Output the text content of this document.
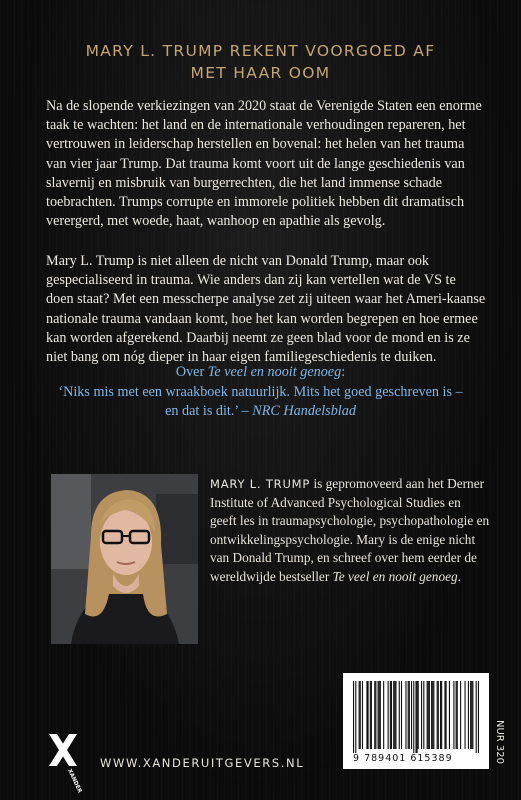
MARY L. TRUMP REKENT VOORGOED AF
MET HAAR OOM

Na de slopende verkiezingen van 2020 staat de Verenigde Staten een enorme taak te wachten: het land en de internationale verhoudingen repareren, het vertrouwen in leiderschap herstellen en bovenal: het helen van het trauma van vier jaar Trump. Dat trauma komt voort uit de lange geschiedenis van slavernij en misbruik van burgerrechten, die het land immense schade toebrachten. Trumps corrupte en immorele politiek hebben dit dramatisch verergerd, met woede, haat, wanhoop en apathie als gevolg.

Mary L. Trump is niet alleen de nicht van Donald Trump, maar ook gespecialiseerd in trauma. Wie anders dan zij kan vertellen wat de VS te doen staat? Met een messcherpe analyse zet zij uiteen waar het Ameri-kaanse nationale trauma vandaan komt, hoe het kan worden begrepen en hoe ermee kan worden afgerekend. Daarbij neemt ze geen blad voor de mond en is ze niet bang om nóg dieper in haar eigen familiegeschiedenis te duiken.

Over Te veel en nooit genoeg:
‘Niks mis met een wraakboek natuurlijk. Mits het goed geschreven is –
en dat is dit.’ – NRC Handelsblad
MARY L. TRUMP is gepromoveerd aan het Derner Institute of Advanced Psychological Studies en geeft les in traumapsychologie, psychopathologie en ontwikkelingspsychologie. Mary is de enige nicht van Donald Trump, en schreef over hem eerder de wereldwijde bestseller Te veel en nooit genoeg.
NUR 320
9 789401 615389
XANDER
WWW.XANDERUITGEVERS.NL
